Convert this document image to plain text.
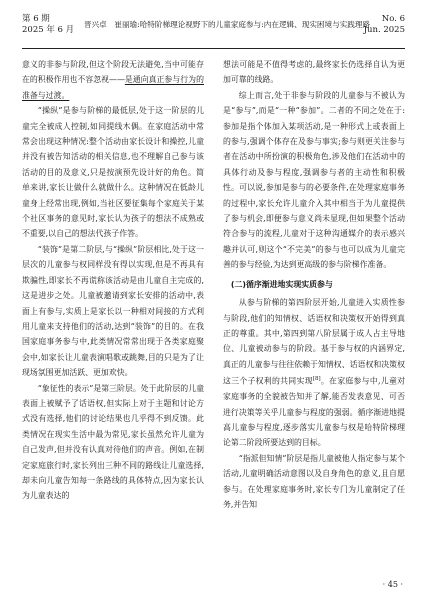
第 6 期
2025 年 6 月
晋兴卓　崔丽瑜:哈特阶梯理论视野下的儿童家庭参与:内在逻辑、现实困境与实践理路
No. 6
Jun. 2025

意义的非参与阶段,但这个阶段无法避免,当中可能存在的积极作用也不容忽视——是通向真正参与行为的准备与过渡。

“操纵”是参与阶梯的最低层,处于这一阶层的儿童完全被成人控制,如同提线木偶。在家庭活动中常常会出现这种情况:整个活动由家长设计和操控,儿童并没有被告知活动的相关信息,也不理解自己参与该活动的目的及意义,只是按演预先设计好的角色。简单来讲,家长让做什么就做什么。这种情况在低龄儿童身上经常出现,例如,当社区要征集每个家庭关于某个社区事务的意见时,家长认为孩子的想法不成熟或不重要,以自己的想法代孩子作答。

“装饰”是第二阶层,与“操纵”阶层相比,处于这一层次的儿童参与权同样没有得以实现,但是不再具有欺骗性,即家长不再谎称该活动是由儿童自主完成的,这是进步之处。儿童被邀请到家长安排的活动中,表面上有参与,实质上是家长以一种相对间接的方式利用儿童来支持他们的活动,达到“装饰”的目的。在我国家庭事务参与中,此类情况常常出现于各类家庭聚会中,如家长让儿童表演唱歌或跳舞,目的只是为了让现场氛围更加活跃、更加欢快。

“象征性的表示”是第三阶层。处于此阶层的儿童表面上被赋予了话语权,但实际上对于主题和讨论方式没有选择,他们的讨论结果也几乎得不到反馈。此类情况在现实生活中最为常见,家长虽然允许儿童为自己发声,但并没有认真对待他们的声音。例如,在制定家庭旅行时,家长列出三种不同的路线让儿童选择,却未向儿童告知每一条路线的具体特点,因为家长认为儿童表达的

想法可能是不值得考虑的,最终家长仍选择自认为更加可靠的线路。

综上而言,处于非参与阶段的儿童参与不被认为是“参与”,而是“一种“参加”。二者的不同之处在于:参加是指个体加入某项活动,是一种形式上或表面上的参与,强调个体存在及参与事实;参与则更关注参与者在活动中所扮演的积极角色,涉及他们在活动中的具体行动及参与程度,强调参与者的主动性和积极性。可以说,参加是参与的必要条件,在处理家庭事务的过程中,家长允许儿童介入其中相当于为儿童提供了参与机会,即便参与意义尚未显现,但如果整个活动符合参与的流程,儿童对于这种沟通媒介的表示感兴趣并认可,则这个“不完美”的参与也可以成为儿童完善的参与经验,为达到更高级的参与阶梯作准备。

(二)循序渐进地实现实质参与

从参与阶梯的第四阶层开始,儿童进入实质性参与阶段,他们的知情权、话语权和决策权开始得到真正的尊重。其中,第四到第八阶层属于成人占主导地位、儿童被动参与的阶段。基于参与权的内涵界定,真正的儿童参与往往依赖于知情权、话语权和决策权这三个子权利的共同实现[8]。在家庭参与中,儿童对家庭事务的全貌被告知并了解,能否发表意见、可否进行决策等关乎儿童参与程度的强弱。循序渐进地提高儿童参与程度,逐步落实儿童参与权是哈特阶梯理论第二阶段所要达到的目标。

“指派但知情”阶层是指儿童被他人指定参与某个活动,儿童明确活动意图以及自身角色的意义,且自愿参与。在处理家庭事务时,家长专门为儿童制定了任务,并告知

· 45 ·
